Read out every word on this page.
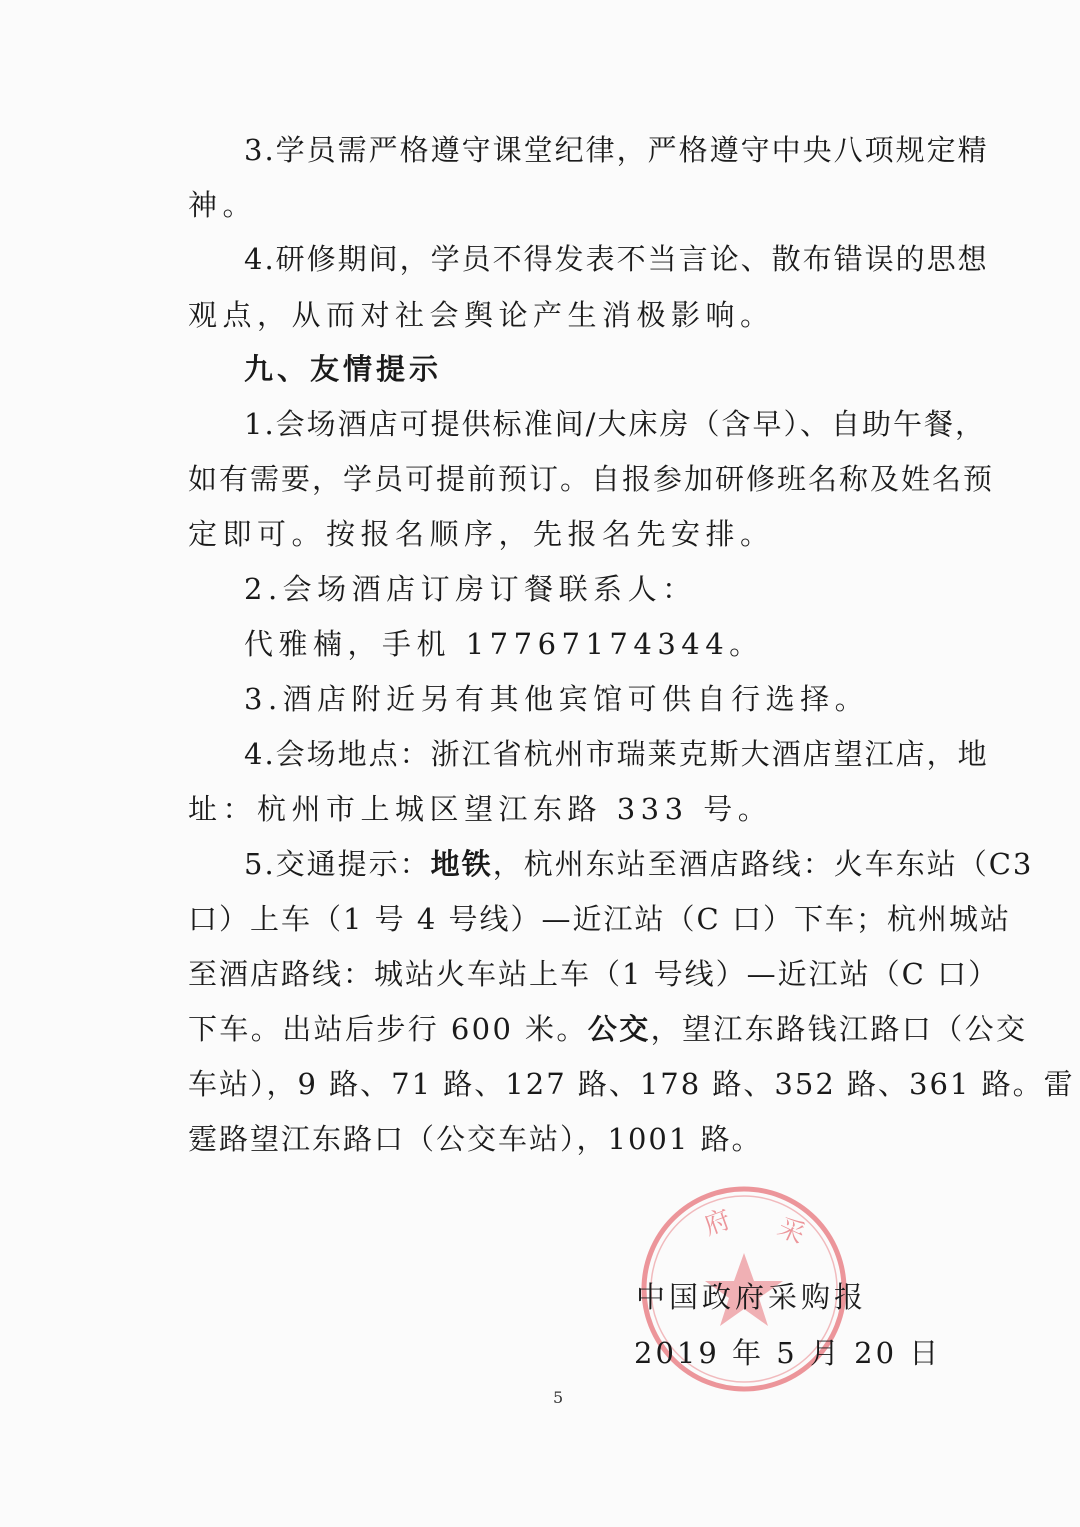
3.学员需严格遵守课堂纪律，严格遵守中央八项规定精
神。
4.研修期间，学员不得发表不当言论、散布错误的思想
观点，从而对社会舆论产生消极影响。
九、友情提示
1.会场酒店可提供标准间/大床房（含早）、自助午餐，
如有需要，学员可提前预订。自报参加研修班名称及姓名预
定即可。按报名顺序，先报名先安排。
2.会场酒店订房订餐联系人：
代雅楠，手机 17767174344。
3.酒店附近另有其他宾馆可供自行选择。
4.会场地点：浙江省杭州市瑞莱克斯大酒店望江店，地
址：杭州市上城区望江东路 333 号。
5.交通提示：地铁，杭州东站至酒店路线：火车东站（C3
口）上车（1 号 4 号线）—近江站（C 口）下车；杭州城站
至酒店路线：城站火车站上车（1 号线）—近江站（C 口）
下车。出站后步行 600 米。公交，望江东路钱江路口（公交
车站），9 路、71 路、127 路、178 路、352 路、361 路。雷
霆路望江东路口（公交车站），1001 路。
府 采
中国政府采购报
2019 年 5 月 20 日
5
